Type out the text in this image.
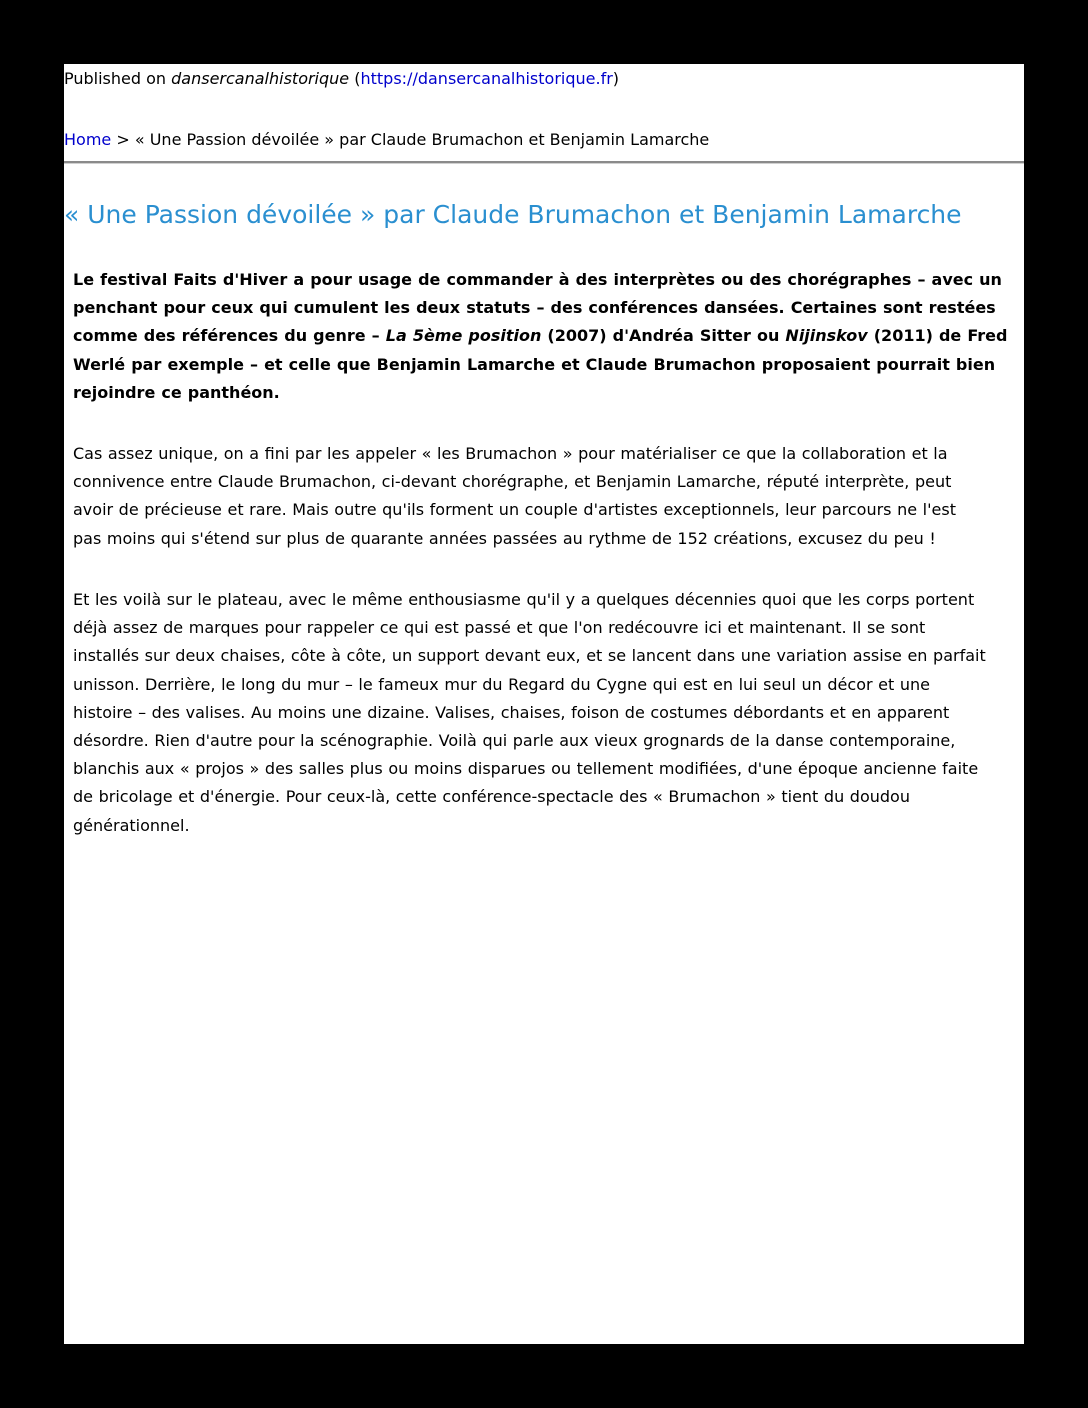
Published on dansercanalhistorique (https://dansercanalhistorique.fr)
Home > « Une Passion dévoilée » par Claude Brumachon et Benjamin Lamarche
« Une Passion dévoilée » par Claude Brumachon et Benjamin Lamarche

Le festival Faits d'Hiver a pour usage de commander à des interprètes ou des chorégraphes – avec un
penchant pour ceux qui cumulent les deux statuts – des conférences dansées. Certaines sont restées
comme des références du genre – La 5ème position (2007) d'Andréa Sitter ou Nijinskov (2011) de Fred
Werlé par exemple – et celle que Benjamin Lamarche et Claude Brumachon proposaient pourrait bien
rejoindre ce panthéon.

Cas assez unique, on a fini par les appeler « les Brumachon » pour matérialiser ce que la collaboration et la
connivence entre Claude Brumachon, ci-devant chorégraphe, et Benjamin Lamarche, réputé interprète, peut
avoir de précieuse et rare. Mais outre qu'ils forment un couple d'artistes exceptionnels, leur parcours ne l'est
pas moins qui s'étend sur plus de quarante années passées au rythme de 152 créations, excusez du peu !

Et les voilà sur le plateau, avec le même enthousiasme qu'il y a quelques décennies quoi que les corps portent
déjà assez de marques pour rappeler ce qui est passé et que l'on redécouvre ici et maintenant. Il se sont
installés sur deux chaises, côte à côte, un support devant eux, et se lancent dans une variation assise en parfait
unisson. Derrière, le long du mur – le fameux mur du Regard du Cygne qui est en lui seul un décor et une
histoire – des valises. Au moins une dizaine. Valises, chaises, foison de costumes débordants et en apparent
désordre. Rien d'autre pour la scénographie. Voilà qui parle aux vieux grognards de la danse contemporaine,
blanchis aux « projos » des salles plus ou moins disparues ou tellement modifiées, d'une époque ancienne faite
de bricolage et d'énergie. Pour ceux-là, cette conférence-spectacle des « Brumachon » tient du doudou
générationnel.
